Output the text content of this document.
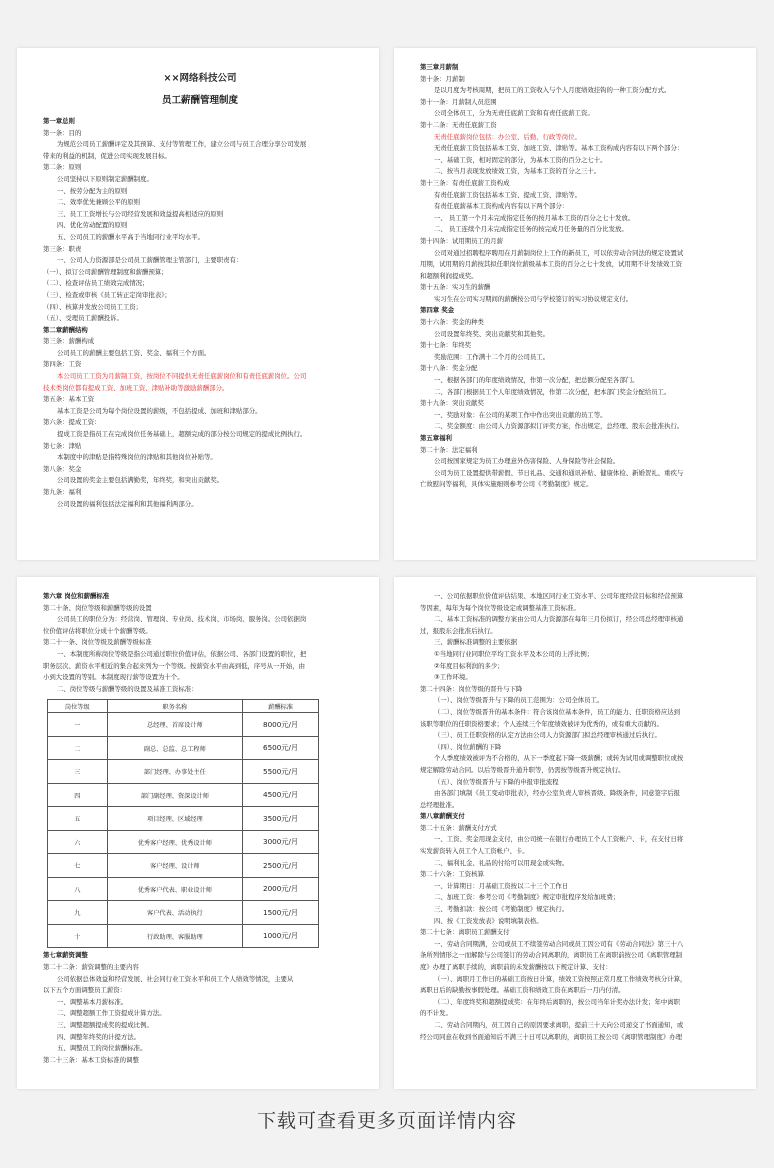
××网络科技公司
员工薪酬管理制度
第一章总则
第一条：目的
为规范公司员工薪酬评定及其预算、支付等管理工作，建立公司与员工合理分享公司发展
带来的利益的机制，促进公司实现发展目标。
第二条：原则
公司坚持以下原则制定薪酬制度。
一、按劳分配为主的原则
二、效率优先兼顾公平的原则
三、员工工资增长与公司经营发展和效益提高相适应的原则
四、优化劳动配置的原则
五、公司员工的薪酬水平高于当地同行业平均水平。
第三条：职责
一、公司人力资源部是公司员工薪酬管理主管部门，主要职责有：
（一）、拟订公司薪酬管理制度和薪酬预算；
（二）、检查评估员工绩效完成情况；
（三）、检查或审核《员工转正定岗审批表》；
（四）、核算并发放公司员工工资；
（五）、受理员工薪酬投诉。
第二章薪酬结构
第三条：薪酬构成
公司员工的薪酬主要包括工资、奖金、福利三个方面。
第四条：工资
本公司员工工资为月薪制工资，按岗位不同提供无责任底薪岗位和有责任底薪岗位。公司
技术类岗位都有提成工资、加班工资、津贴补助等激励薪酬部分。
第五条：基本工资
基本工资是公司为每个岗位设置的薪级，不包括提成、加班和津贴部分。
第六条：提成工资：
提成工资是指员工在完成岗位任务基础上，超额完成的部分按公司规定的提成比例执行。
第七条：津贴
本制度中的津贴是指特殊岗位的津贴和其他岗位补贴等。
第八条：奖金
公司设置的奖金主要包括满勤奖，年终奖，和突出贡献奖。
第九条：福利
公司设置的福利包括法定福利和其他福利两部分。
第三章月薪制
第十条：月薪制
是以月度为考核周期，把员工的工资收入与个人月度绩效挂钩的一种工资分配方式。
第十一条：月薪制人员范围
公司全体员工，分为无责任底薪工资和有责任底薪工资。
第十二条：无责任底薪工资
无责任底薪岗位包括：办公室、后勤、行政等岗位。
无责任底薪工资包括基本工资、加班工资、津贴等。基本工资构成内容有以下两个部分：
一、基础工资，相对固定的部分，为基本工资的百分之七十。
二、按当月表现发放绩效工资，为基本工资的百分之三十。
第十三条：有责任底薪工资构成
有责任底薪工资包括基本工资、提成工资、津贴等。
有责任底薪基本工资构成内容有以下两个部分：
一、 员工第一个月未完成指定任务的按月基本工资的百分之七十发放。
二、 员工连续个月未完成指定任务的按完成月任务量的百分比发放。
第十四条：试用期员工的月薪
公司对通过招聘程序聘用在月薪制岗位上工作的新员工，可以依劳动合同法的规定设置试
用期，试用期的月薪按其拟任职岗位薪级基本工资的百分之七十发放，试用期不计发绩效工资
和超额利润提成奖。
第十五条：实习生的薪酬
实习生在公司实习期间的薪酬按公司与学校签订的实习协议规定支付。
第四章 奖金
第十六条：奖金的种类
公司设置年终奖、突出贡献奖和其他奖。
第十七条：年终奖
奖励范围：工作满十二个月的公司员工。
第十八条：奖金分配
一、根据各部门的年度绩效情况，作第一次分配，把总额分配至各部门。
二、各部门根据员工个人年度绩效情况，作第二次分配，把本部门奖金分配给员工。
第十九条：突出贡献奖
一、奖励对象：在公司的某项工作中作出突出贡献的员工等。
二、奖金额度：由公司人力资源部拟订评奖方案，作出规定，总经理、股东会批准执行。
第五章福利
第二十条：法定福利
公司按国家规定为员工办理意外伤害保险、人身保险等社会保险。
公司为员工设置提供带薪假、节日礼品、交通和通讯补贴、健康体检、新婚贺礼、重疾与
亡故慰问等福利，具体实施细则参考公司《考勤制度》规定。
第六章 岗位和薪酬标准
第二十条、岗位等级和薪酬等级的设置
公司员工的职位分为：经营岗、管理岗、专业岗、技术岗、市场岗、服务岗。公司依据岗
位价值评估将职位分成十个薪酬等级。
第二十一条、岗位等级及薪酬等级标准
一、本制度所称岗位等级是指公司通过职位价值评估，依据公司、各部门设置的职位，把
职务层次、薪资水平相近的集合起来列为一个等级。按薪资水平由高到低，序号从一开始，由
小到大设置的等别。本制度现行薪等设置为十个。
二、岗位等级与薪酬等级的设置及基准工资标准：
岗位等级	职务名称	薪酬标准
一	总经理、首席设计师	8000元/月
二	副总、总监、总工程师	6500元/月
三	部门经理、办事处主任	5500元/月
四	部门副经理、资深设计师	4500元/月
五	项目经理、区域经理	3500元/月
六	优秀客户经理、优秀设计师	3000元/月
七	客户经理、设计师	2500元/月
八	优秀客户代表、职业设计师	2000元/月
九	客户代表、活动执行	1500元/月
十	行政助理、客服助理	1000元/月
第七章薪资调整
第二十二条：薪资调整的主要内容
公司依据总体效益和经营发展、社会同行业工资水平和员工个人绩效等情况，主要从
以下五个方面调整员工薪资：
一、调整基本月薪标准。
二、调整超额工作工资提成计算方法。
三、调整超额提成奖的提成比例。
四、调整年终奖的计提方法。
五、调整员工的岗位薪酬标准。
第二十三条：基本工资标准的调整
一、公司依据职位价值评估结果、本地区同行业工资水平、公司年度经营目标和经营预算
等因素，每年为每个岗位等级设定或调整基准工资标准。
二、基本工资标准的调整方案由公司人力资源部在每年三月份拟订，经公司总经理审核通
过，报股东会批准后执行。
三、薪酬标准调整的主要依据
①当地同行业同职位平均工资水平及本公司的上浮比例；
②年度目标利润的多少；
③工作环境。
第二十四条：岗位等级的晋升与下降
（一）、岗位等级晋升与下降的员工范围为：公司全体员工。
（二）、岗位等级晋升的基本条件：符合该岗位基本条件，员工的能力、任职资格应达到
该职等职位的任职资格要求；个人连续三个年度绩效被评为优秀的，或有重大贡献的。
（三）、员工任职资格的认定方法由公司人力资源部门拟总经理审核通过后执行。
（四）、岗位薪酬的下降
个人季度绩效被评为不合格的，从下一季度起下降一级薪酬；或转为试用或调整职位或按
规定解除劳动合同。以后等级晋升通升职等，仍需按等级晋升规定执行。
（五）、岗位等级晋升与下降的申报审批流程
由各部门填制《员工变动审批表》，经办公室负责人审核晋级、降级条件，同意签字后报
总经理批准。
第八章薪酬支付
第二十五条：薪酬支付方式
一、工资、奖金用现金支付，由公司统一在银行办理员工个人工资帐户、卡，在支付日将
实发薪资转入员工个人工资帐户、卡。
二、福利礼金、礼品的付给可以用现金或实物。
第二十六条：工资核算
一、计算期日：月基础工资按以二十三个工作日
二、加班工资：参考公司《考勤制度》规定审批程序发给加班费；
三、考勤扣款：按公司《考勤制度》规定执行。
四、按《工资发放表》说明填制表格。
第二十七条：离职员工薪酬支付
一、劳动合同期满，公司或员工不续签劳动合同或员工因公司有《劳动合同法》第三十八
条所列情形之一而解除与公司签订的劳动合同离职的，离职员工在离职前按公司《离职管理制
度》办理了离职手续的，离职前的未发薪酬按以下规定计算、支付：
（一）、离职月工作日的基础工资按日计算，绩效工资按照正常月度工作绩效考核分计算，
离职日后的缺勤按事假处理。基础工资和绩效工资在离职后一月内付清。
（二）、年度终奖和超额提成奖：在年终后离职的，按公司当年计奖办法计发；年中离职
的不计发。
二、劳动合同期内，员工因自己的原因要求离职，提前三十天向公司递交了书面通知，或
经公司同意在收到书面通知后不满三十日可以离职的，离职员工按公司《离职管理制度》办理
下载可查看更多页面详情内容
